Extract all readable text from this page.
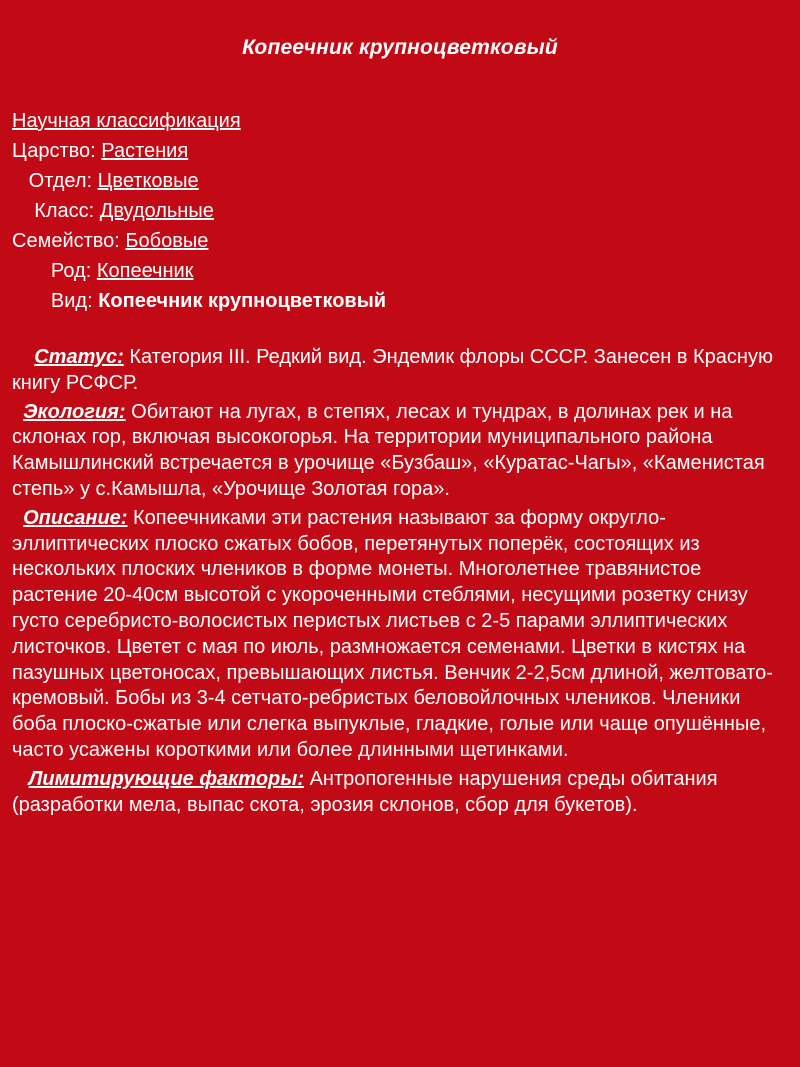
Копеечник крупноцветковый
Научная классификация
Царство: Растения
Отдел: Цветковые
Класс: Двудольные
Семейство: Бобовые
Род: Копеечник
Вид: Копеечник крупноцветковый

Статус: Категория III. Редкий вид. Эндемик флоры СССР. Занесен в Красную книгу РСФСР.

Экология: Обитают на лугах, в степях, лесах и тундрах, в долинах рек и на склонах гор, включая высокогорья. На территории муниципального района Камышлинский встречается в урочище «Бузбаш», «Куратас-Чагы», «Каменистая степь» у с.Камышла, «Урочище Золотая гора».

Описание: Копеечниками эти растения называют за форму округло-эллиптических плоско сжатых бобов, перетянутых поперёк, состоящих из нескольких плоских члеников в форме монеты. Многолетнее травянистое растение 20-40см высотой с укороченными стеблями, несущими розетку снизу густо серебристо-волосистых перистых листьев с 2-5 парами эллиптических листочков. Цветет с мая по июль, размножается семенами. Цветки в кистях на пазушных цветоносах, превышающих листья. Венчик 2-2,5см длиной, желтовато-кремовый. Бобы из 3-4 сетчато-ребристых беловойлочных члеников. Членики боба плоско-сжатые или слегка выпуклые, гладкие, голые или чаще опушённые, часто усажены короткими или более длинными щетинками.

Лимитирующие факторы: Антропогенные нарушения среды обитания (разработки мела, выпас скота, эрозия склонов, сбор для букетов).
